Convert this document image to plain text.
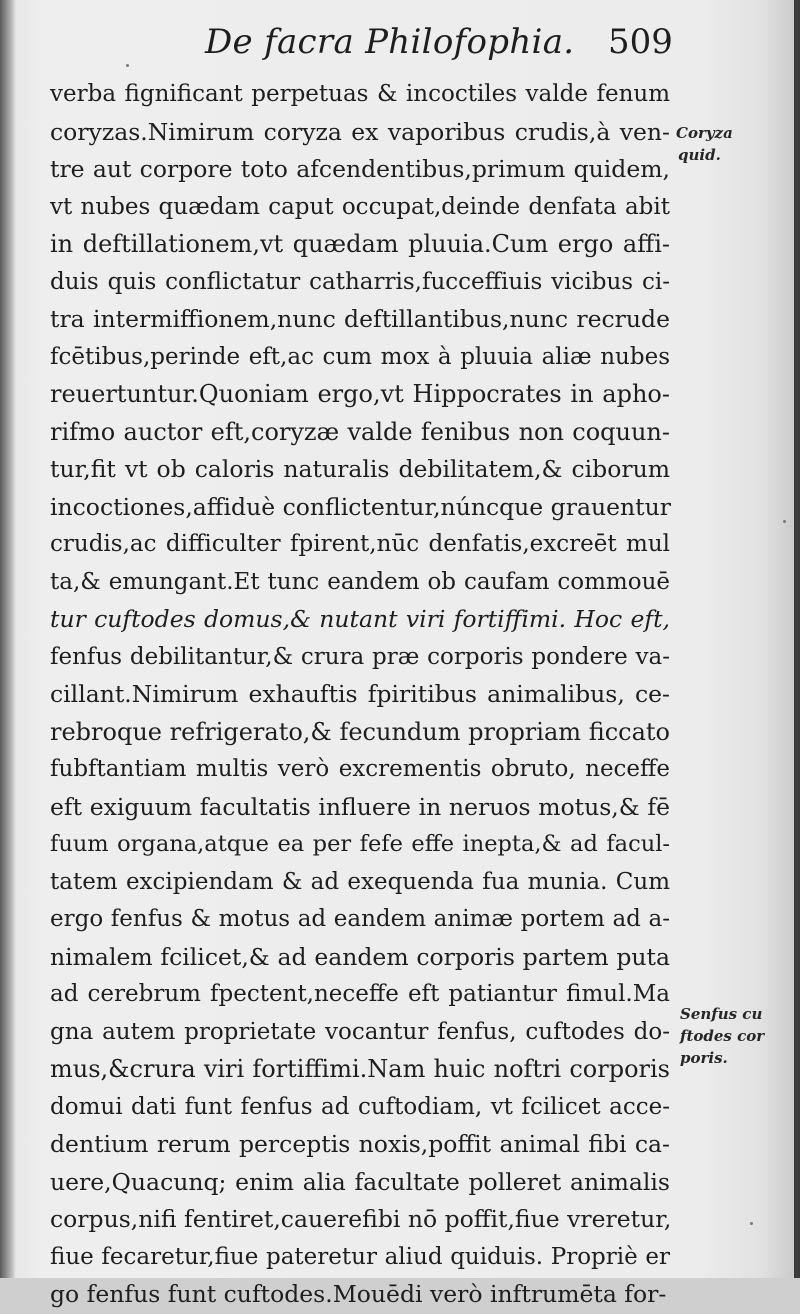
De facra Philofophia. 509
verba fignificant perpetuas & incoctiles valde fenum
coryzas.Nimirum coryza ex vaporibus crudis,à ven-
tre aut corpore toto afcendentibus,primum quidem,
vt nubes quædam caput occupat,deinde denfata abit
in deftillationem,vt quædam pluuia.Cum ergo affi-
duis quis conflictatur catharris,fucceffiuis vicibus ci-
tra intermiffionem,nunc deftillantibus,nunc recrude
fcētibus,perinde eft,ac cum mox à pluuia aliæ nubes
reuertuntur.Quoniam ergo,vt Hippocrates in apho-
rifmo auctor eft,coryzæ valde fenibus non coquun-
tur,fit vt ob caloris naturalis debilitatem,& ciborum
incoctiones,affiduè conflictentur,núncque grauentur
crudis,ac difficulter fpirent,nūc denfatis,excreēt mul
ta,& emungant.Et tunc eandem ob caufam commouē
tur cuftodes domus,& nutant viri fortiffimi. Hoc eft,
fenfus debilitantur,& crura præ corporis pondere va-
cillant.Nimirum exhauftis fpiritibus animalibus, ce-
rebroque refrigerato,& fecundum propriam ficcato
fubftantiam multis verò excrementis obruto, neceffe
eft exiguum facultatis influere in neruos motus,& fē
fuum organa,atque ea per fefe effe inepta,& ad facul-
tatem excipiendam & ad exequenda fua munia. Cum
ergo fenfus & motus ad eandem animæ portem ad a-
nimalem fcilicet,& ad eandem corporis partem puta
ad cerebrum fpectent,neceffe eft patiantur fimul.Ma
gna autem proprietate vocantur fenfus, cuftodes do-
mus,&crura viri fortiffimi.Nam huic noftri corporis
domui dati funt fenfus ad cuftodiam, vt fcilicet acce-
dentium rerum perceptis noxis,poffit animal fibi ca-
uere,Quacunq; enim alia facultate polleret animalis
corpus,nifi fentiret,cauerefibi nō poffit,fiue vreretur,
fiue fecaretur,fiue pateretur aliud quiduis. Propriè er
go fenfus funt cuftodes.Mouēdi verò inftrumēta for-
Coryza
quid.
Senfus cu
ftodes cor
poris.
